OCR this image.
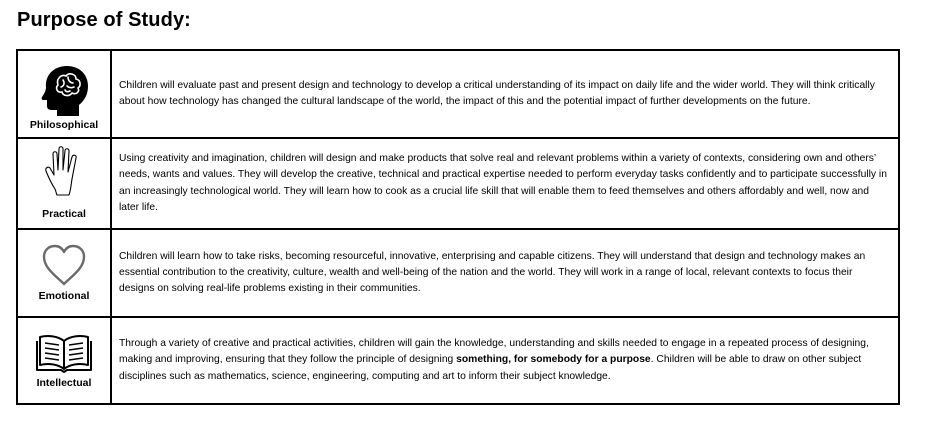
Purpose of Study:
Philosophical

Children will evaluate past and present design and technology to develop a critical understanding of its impact on daily life and the wider world. They will think critically about how technology has changed the cultural landscape of the world, the impact of this and the potential impact of further developments on the future.

Practical

Using creativity and imagination, children will design and make products that solve real and relevant problems within a variety of contexts, considering own and others’ needs, wants and values. They will develop the creative, technical and practical expertise needed to perform everyday tasks confidently and to participate successfully in an increasingly technological world. They will learn how to cook as a crucial life skill that will enable them to feed themselves and others affordably and well, now and later life.

Emotional

Children will learn how to take risks, becoming resourceful, innovative, enterprising and capable citizens. They will understand that design and technology makes an essential contribution to the creativity, culture, wealth and well-being of the nation and the world. They will work in a range of local, relevant contexts to focus their designs on solving real-life problems existing in their communities.

Intellectual

Through a variety of creative and practical activities, children will gain the knowledge, understanding and skills needed to engage in a repeated process of designing, making and improving, ensuring that they follow the principle of designing something, for somebody for a purpose. Children will be able to draw on other subject disciplines such as mathematics, science, engineering, computing and art to inform their subject knowledge.
